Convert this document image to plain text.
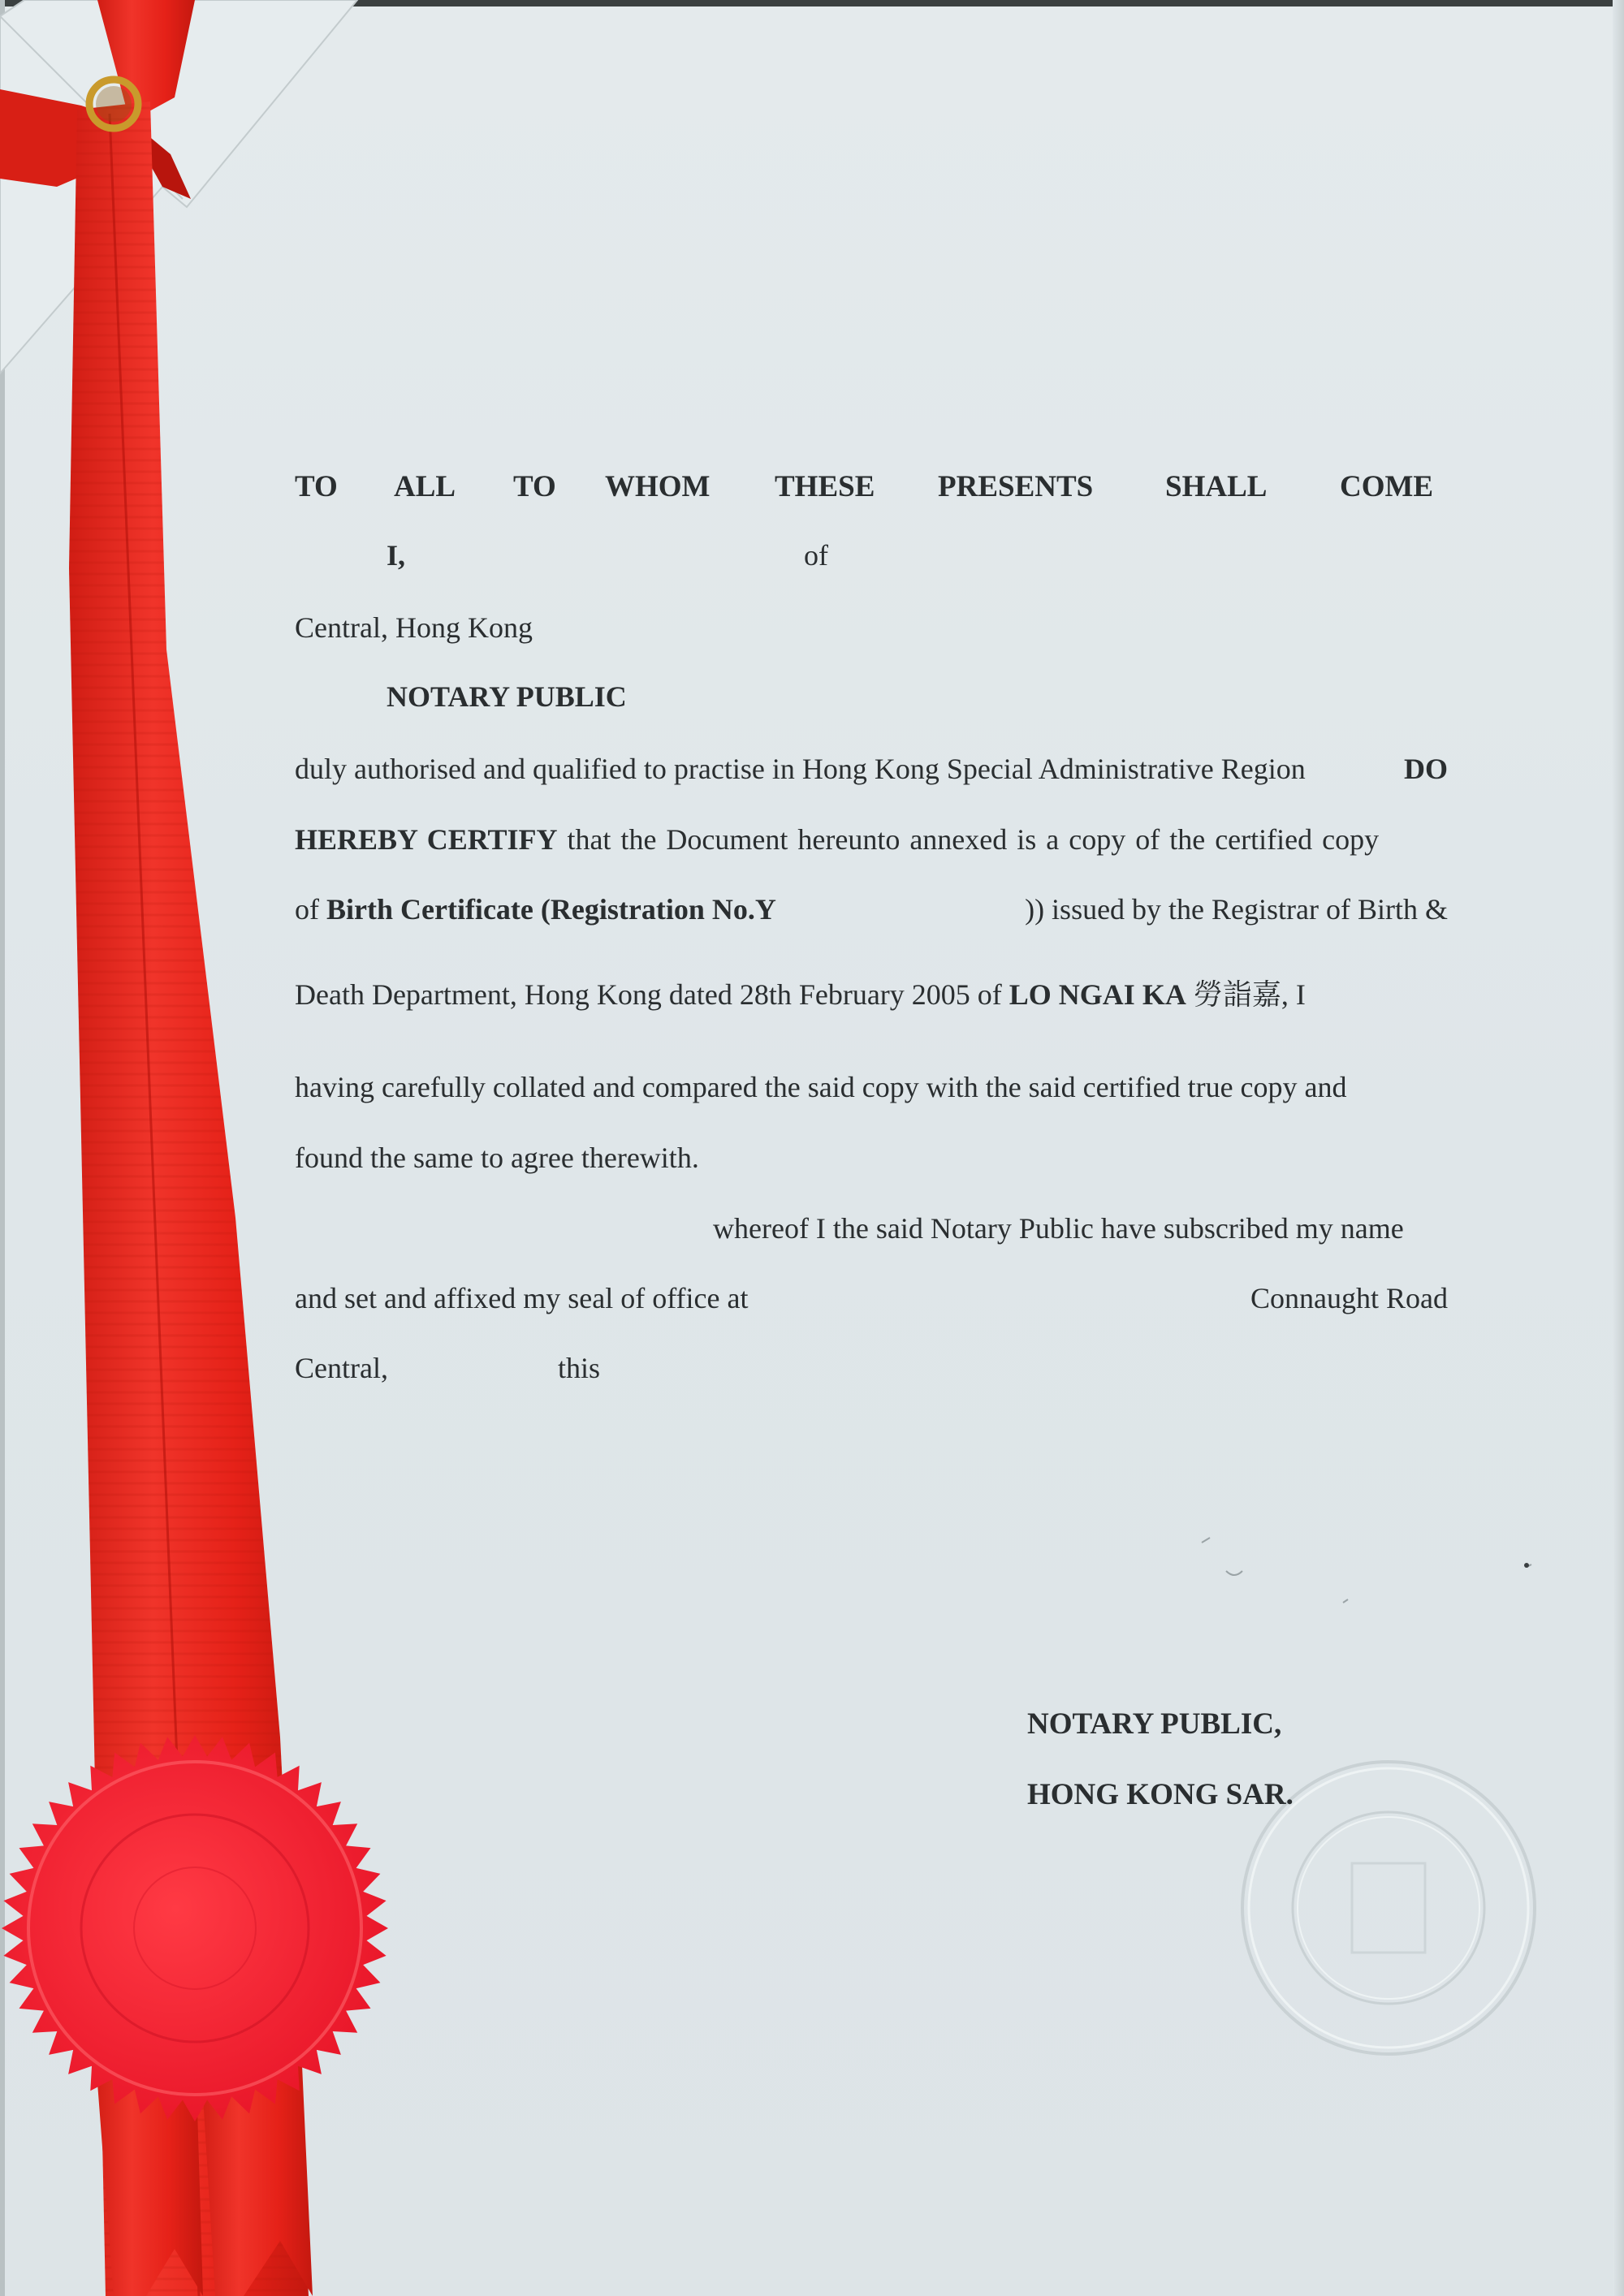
TO ALL TO WHOM THESE PRESENTS SHALL COME
I,	of
Central, Hong Kong
NOTARY PUBLIC
duly authorised and qualified to practise in Hong Kong Special Administrative Region	DO
HEREBY CERTIFY that the Document hereunto annexed is a copy of the certified copy
of Birth Certificate (Registration No.Y	)) issued by the Registrar of Birth &
Death Department, Hong Kong dated 28th February 2005 of LO NGAI KA 勞詣嘉, I
having carefully collated and compared the said copy with the said certified true copy and
found the same to agree therewith.
whereof I the said Notary Public have subscribed my name
and set and affixed my seal of office at	Connaught Road
Central,	this
NOTARY PUBLIC,
HONG KONG SAR.
